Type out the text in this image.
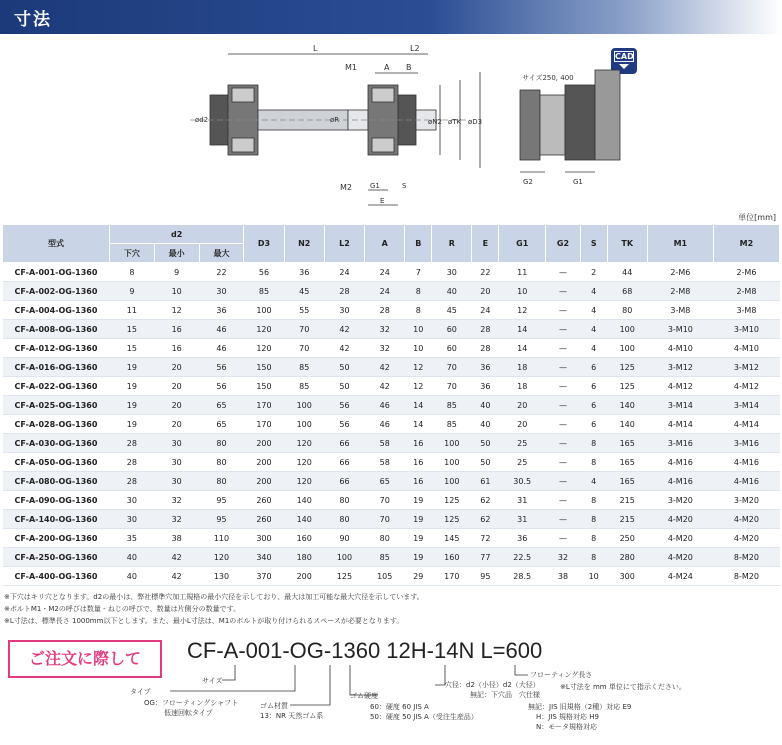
寸法
L	L2
A B
M1
M2
ød2	øR	øN2 øTK øD3
G1	S
E
CAD
サイズ250, 400
G2	G1
単位[mm]
型式	d2			D3	N2	L2	A	B	R	E	G1	G2	S	TK	M1	M2
	下穴	最小	最大													
CF-A-001-OG-1360	8	9	22	56	36	24	24	7	30	22	11	—	2	44	2-M6	2-M6
CF-A-002-OG-1360	9	10	30	85	45	28	24	8	40	20	10	—	4	68	2-M8	2-M8
CF-A-004-OG-1360	11	12	36	100	55	30	28	8	45	24	12	—	4	80	3-M8	3-M8
CF-A-008-OG-1360	15	16	46	120	70	42	32	10	60	28	14	—	4	100	3-M10	3-M10
CF-A-012-OG-1360	15	16	46	120	70	42	32	10	60	28	14	—	4	100	4-M10	4-M10
CF-A-016-OG-1360	19	20	56	150	85	50	42	12	70	36	18	—	6	125	3-M12	3-M12
CF-A-022-OG-1360	19	20	56	150	85	50	42	12	70	36	18	—	6	125	4-M12	4-M12
CF-A-025-OG-1360	19	20	65	170	100	56	46	14	85	40	20	—	6	140	3-M14	3-M14
CF-A-028-OG-1360	19	20	65	170	100	56	46	14	85	40	20	—	6	140	4-M14	4-M14
CF-A-030-OG-1360	28	30	80	200	120	66	58	16	100	50	25	—	8	165	3-M16	3-M16
CF-A-050-OG-1360	28	30	80	200	120	66	58	16	100	50	25	—	8	165	4-M16	4-M16
CF-A-080-OG-1360	28	30	80	200	120	66	65	16	100	61	30.5	—	4	165	4-M16	4-M16
CF-A-090-OG-1360	30	32	95	260	140	80	70	19	125	62	31	—	8	215	3-M20	3-M20
CF-A-140-OG-1360	30	32	95	260	140	80	70	19	125	62	31	—	8	215	4-M20	4-M20
CF-A-200-OG-1360	35	38	110	300	160	90	80	19	145	72	36	—	8	250	4-M20	4-M20
CF-A-250-OG-1360	40	42	120	340	180	100	85	19	160	77	22.5	32	8	280	4-M20	8-M20
CF-A-400-OG-1360	40	42	130	370	200	125	105	29	170	95	28.5	38	10	300	4-M24	8-M20
※下穴はキリ穴となります。d2の最小は、弊社標準穴加工規格の最小穴径を示しており、最大は加工可能な最大穴径を示しています。
※ボルトM1・M2の呼びは数量 - ねじの呼びで、数量は片側分の数量です。
※L寸法は、標準長さ 1000mm以下とします。また、最小L寸法は、M1のボルトが取り付けられるスペースが必要となります。
ご注文に際して	CF-A-001-OG-1360 12H-14N L=600
サイズ
タイプ
OG：フローティングシャフト
低速回転タイプ
ゴム材質
13：NR 天然ゴム系
ゴム硬度
60：硬度 60 JIS A
50：硬度 50 JIS A（受注生産品）
穴径：d2（小径）d2（大径）
無記：下穴品　穴仕様
フローティング長さ
※L寸法を mm 単位にて指示ください。
無記：JIS 旧規格（2種）対応 E9
H：JIS 規格対応 H9
N：モータ規格対応
